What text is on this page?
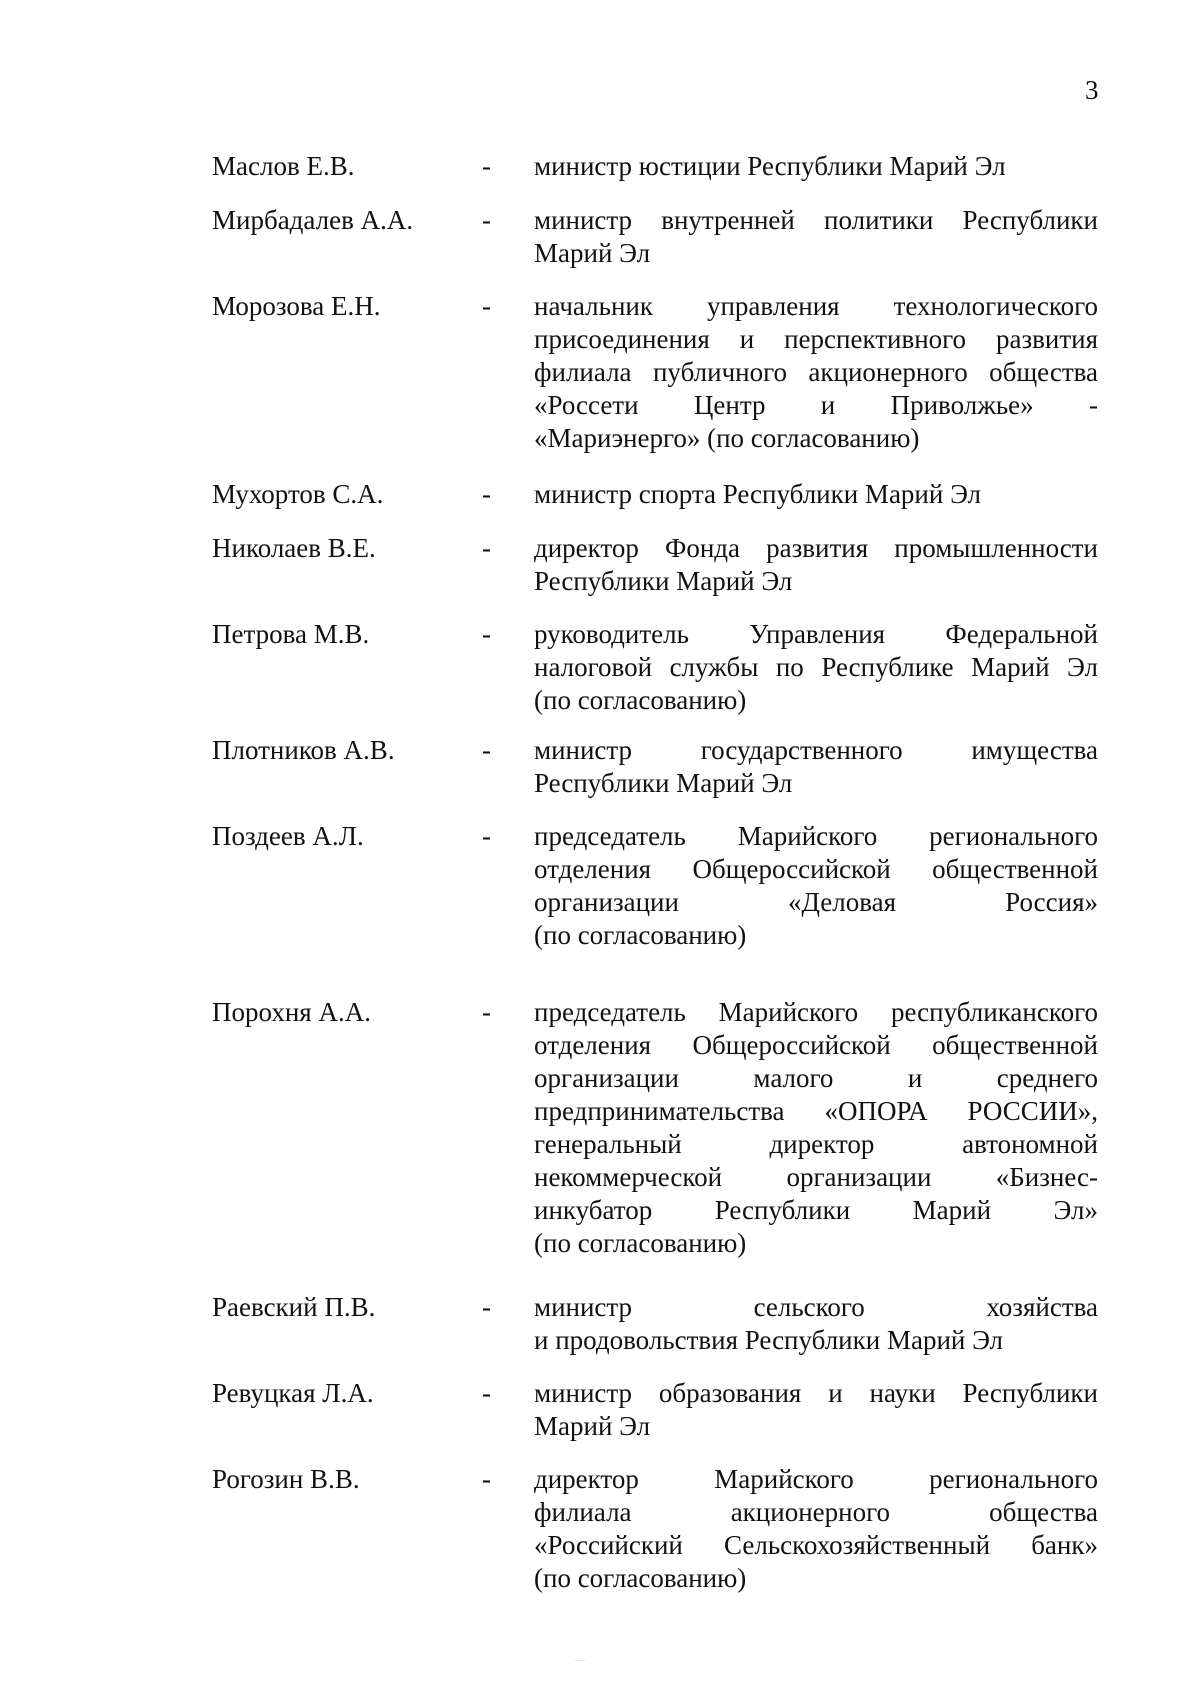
3
Маслов Е.В.	- министр юстиции Республики Марий Эл
Мирбадалев А.А.	- министр внутренней политики Республики
Марий Эл
Морозова Е.Н.	- начальник управления технологического
присоединения и перспективного развития
филиала публичного акционерного общества
«Россети Центр и Приволжье» -
«Мариэнерго» (по согласованию)
Мухортов С.А.	- министр спорта Республики Марий Эл
Николаев В.Е.	- директор Фонда развития промышленности
Республики Марий Эл
Петрова М.В.	- руководитель Управления Федеральной
налоговой службы по Республике Марий Эл
(по согласованию)
Плотников А.В.	- министр государственного имущества
Республики Марий Эл
Поздеев А.Л.	- председатель Марийского регионального
отделения Общероссийской общественной
организации «Деловая Россия»
(по согласованию)
Порохня А.А.	- председатель Марийского республиканского
отделения Общероссийской общественной
организации малого и среднего
предпринимательства «ОПОРА РОССИИ»,
генеральный директор автономной
некоммерческой организации «Бизнес-
инкубатор Республики Марий Эл»
(по согласованию)
Раевский П.В.	- министр сельского хозяйства
и продовольствия Республики Марий Эл
Ревуцкая Л.А.	- министр образования и науки Республики
Марий Эл
Рогозин В.В.	- директор Марийского регионального
филиала акционерного общества
«Российский Сельскохозяйственный банк»
(по согласованию)
